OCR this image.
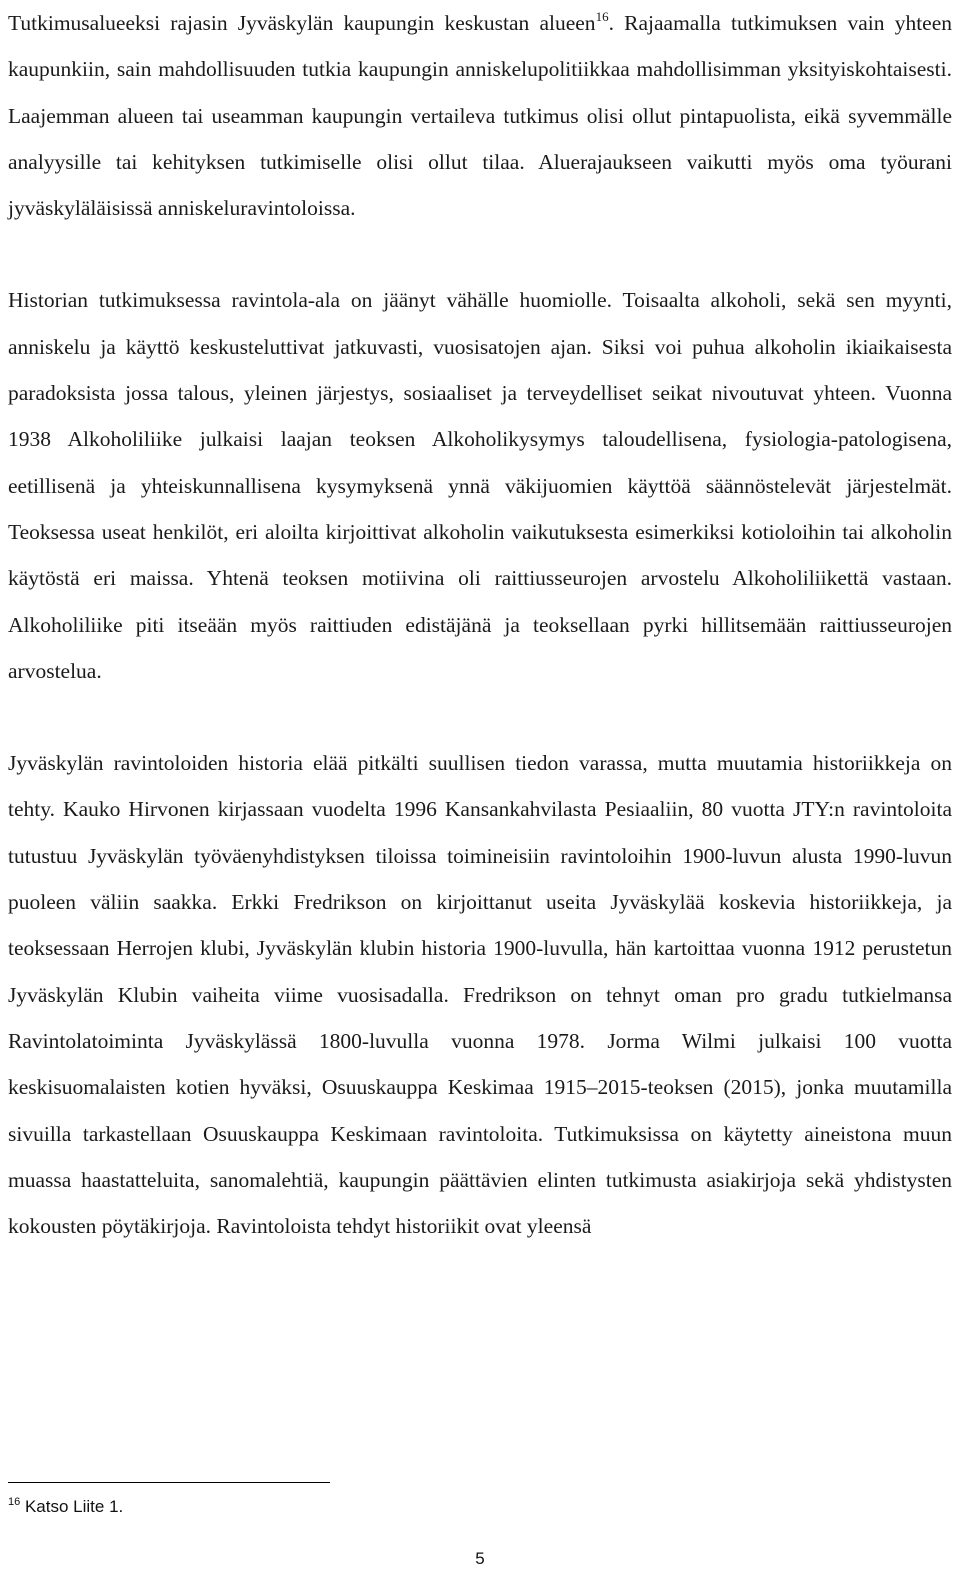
Tutkimusalueeksi rajasin Jyväskylän kaupungin keskustan alueen$^{16}$. Rajaamalla tutkimuksen vain yhteen kaupunkiin, sain mahdollisuuden tutkia kaupungin anniskelupolitiikkaa mahdollisimman yksityiskohtaisesti. Laajemman alueen tai useamman kaupungin vertaileva tutkimus olisi ollut pintapuolista, eikä syvemmälle analyysille tai kehityksen tutkimiselle olisi ollut tilaa. Aluerajaukseen vaikutti myös oma työurani jyväskyläläisissä anniskeluravintoloissa.

Historian tutkimuksessa ravintola-ala on jäänyt vähälle huomiolle. Toisaalta alkoholi, sekä sen myynti, anniskelu ja käyttö keskusteluttivat jatkuvasti, vuosisatojen ajan. Siksi voi puhua alkoholin ikiaikaisesta paradoksista jossa talous, yleinen järjestys, sosiaaliset ja terveydelliset seikat nivoutuvat yhteen. Vuonna 1938 Alkoholiliike julkaisi laajan teoksen Alkoholikysymys taloudellisena, fysiologia-patologisena, eetillisenä ja yhteiskunnallisena kysymyksenä ynnä väkijuomien käyttöä säännöstelevät järjestelmät. Teoksessa useat henkilöt, eri aloilta kirjoittivat alkoholin vaikutuksesta esimerkiksi kotioloihin tai alkoholin käytöstä eri maissa. Yhtenä teoksen motiivina oli raittiusseurojen arvostelu Alkoholiliikettä vastaan. Alkoholiliike piti itseään myös raittiuden edistäjänä ja teoksellaan pyrki hillitsemään raittiusseurojen arvostelua.

Jyväskylän ravintoloiden historia elää pitkälti suullisen tiedon varassa, mutta muutamia historiikkeja on tehty. Kauko Hirvonen kirjassaan vuodelta 1996 Kansankahvilasta Pesiaaliin, 80 vuotta JTY:n ravintoloita tutustuu Jyväskylän työväenyhdistyksen tiloissa toimineisiin ravintoloihin 1900-luvun alusta 1990-luvun puoleen väliin saakka. Erkki Fredrikson on kirjoittanut useita Jyväskylää koskevia historiikkeja, ja teoksessaan Herrojen klubi, Jyväskylän klubin historia 1900-luvulla, hän kartoittaa vuonna 1912 perustetun Jyväskylän Klubin vaiheita viime vuosisadalla. Fredrikson on tehnyt oman pro gradu tutkielmansa Ravintolatoiminta Jyväskylässä 1800-luvulla vuonna 1978. Jorma Wilmi julkaisi 100 vuotta keskisuomalaisten kotien hyväksi, Osuuskauppa Keskimaa 1915–2015-teoksen (2015), jonka muutamilla sivuilla tarkastellaan Osuuskauppa Keskimaan ravintoloita. Tutkimuksissa on käytetty aineistona muun muassa haastatteluita, sanomalehtiä, kaupungin päättävien elinten tutkimusta asiakirjoja sekä yhdistysten kokousten pöytäkirjoja. Ravintoloista tehdyt historiikit ovat yleensä

$^{16}$ Katso Liite 1.
5
